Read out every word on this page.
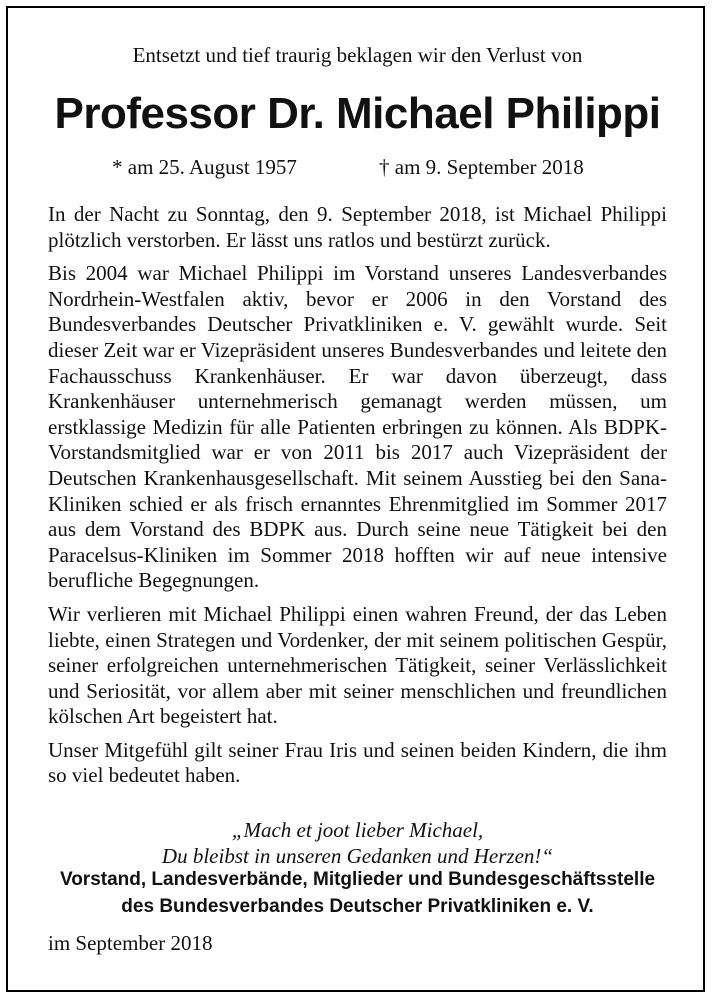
Entsetzt und tief traurig beklagen wir den Verlust von
Professor Dr. Michael Philippi
* am 25. August 1957	† am 9. September 2018

In der Nacht zu Sonntag, den 9. September 2018, ist Michael Philippi plötzlich verstorben. Er lässt uns ratlos und bestürzt zurück.

Bis 2004 war Michael Philippi im Vorstand unseres Landesverbandes Nordrhein-Westfalen aktiv, bevor er 2006 in den Vorstand des Bundesverbandes Deutscher Privatkliniken e. V. gewählt wurde. Seit dieser Zeit war er Vizepräsident unseres Bundesverbandes und leitete den Fachausschuss Krankenhäuser. Er war davon überzeugt, dass Krankenhäuser unternehmerisch gemanagt werden müssen, um erstklassige Medizin für alle Patienten erbringen zu können. Als BDPK-Vorstandsmitglied war er von 2011 bis 2017 auch Vizepräsident der Deutschen Krankenhausgesellschaft. Mit seinem Ausstieg bei den Sana-Kliniken schied er als frisch ernanntes Ehrenmitglied im Sommer 2017 aus dem Vorstand des BDPK aus. Durch seine neue Tätigkeit bei den Paracelsus-Kliniken im Sommer 2018 hofften wir auf neue intensive berufliche Begegnungen.

Wir verlieren mit Michael Philippi einen wahren Freund, der das Leben liebte, einen Strategen und Vordenker, der mit seinem politischen Gespür, seiner erfolgreichen unternehmerischen Tätigkeit, seiner Verlässlichkeit und Seriosität, vor allem aber mit seiner menschlichen und freundlichen kölschen Art begeistert hat.

Unser Mitgefühl gilt seiner Frau Iris und seinen beiden Kindern, die ihm so viel bedeutet haben.

„Mach et joot lieber Michael,
Du bleibst in unseren Gedanken und Herzen!“
Vorstand, Landesverbände, Mitglieder und Bundesgeschäftsstelle
des Bundesverbandes Deutscher Privatkliniken e. V.
im September 2018
